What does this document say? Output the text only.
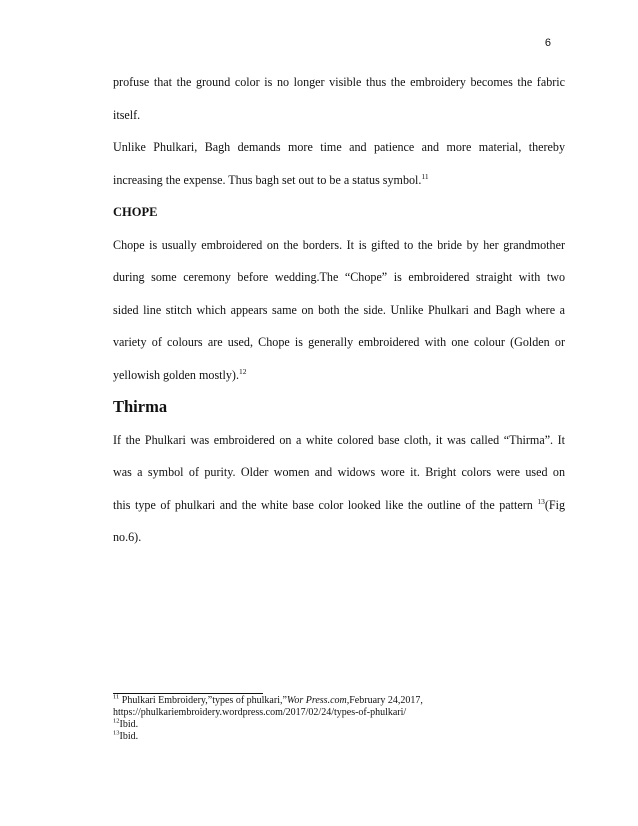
6

profuse that the ground color is no longer visible thus the embroidery becomes the fabric

itself.

Unlike Phulkari, Bagh demands more time and patience and more material, thereby

increasing the expense. Thus bagh set out to be a status symbol.$^{11}$

CHOPE

Chope is usually embroidered on the borders. It is gifted to the bride by her grandmother

during some ceremony before wedding.The “Chope” is embroidered straight with two

sided line stitch which appears same on both the side. Unlike Phulkari and Bagh where a

variety of colours are used, Chope is generally embroidered with one colour (Golden or

yellowish golden mostly).$^{12}$

Thirma

If the Phulkari was embroidered on a white colored base cloth, it was called “Thirma”. It

was a symbol of purity. Older women and widows wore it. Bright colors were used on

this type of phulkari and the white base color looked like the outline of the pattern $^{13}$(Fig

no.6).

$^{11}$ Phulkari Embroidery,”types of phulkari,”Wor Press.com,February 24,2017,

https://phulkariembroidery.wordpress.com/2017/02/24/types-of-phulkari/

$^{12}$Ibid.

$^{13}$Ibid.
